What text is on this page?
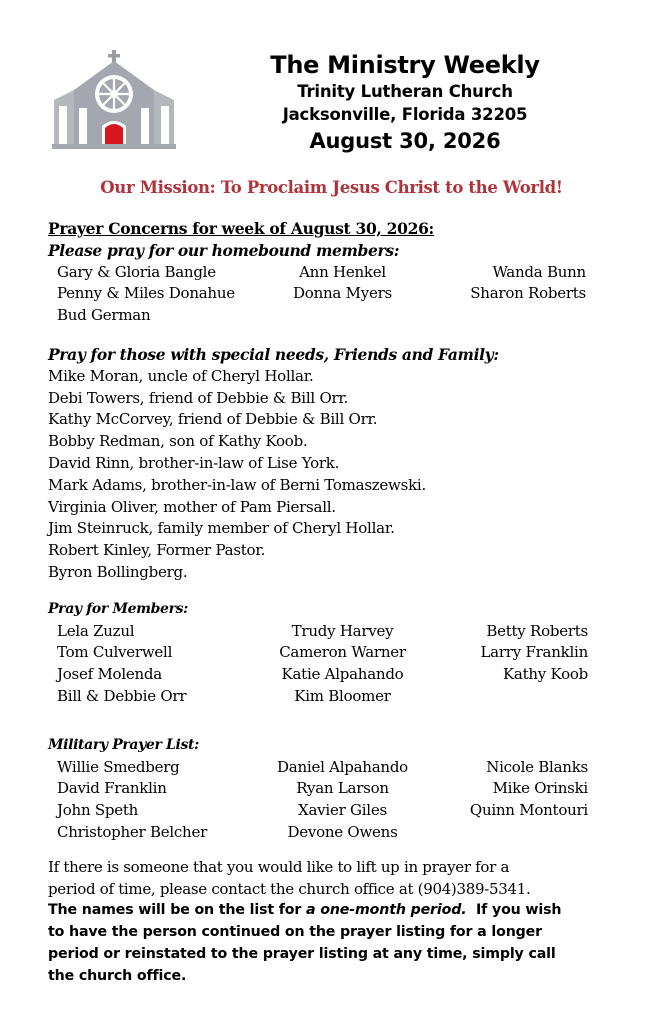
The Ministry Weekly
Trinity Lutheran Church
Jacksonville, Florida 32205
August 30, 2026
Our Mission: To Proclaim Jesus Christ to the World!
Prayer Concerns for week of August 30, 2026:
Please pray for our homebound members:
Gary & Gloria Bangle	Ann Henkel	Wanda Bunn
Penny & Miles Donahue	Donna Myers	Sharon Roberts
Bud German
Pray for those with special needs, Friends and Family:
Mike Moran, uncle of Cheryl Hollar.
Debi Towers, friend of Debbie & Bill Orr.
Kathy McCorvey, friend of Debbie & Bill Orr.
Bobby Redman, son of Kathy Koob.
David Rinn, brother-in-law of Lise York.
Mark Adams, brother-in-law of Berni Tomaszewski.
Virginia Oliver, mother of Pam Piersall.
Jim Steinruck, family member of Cheryl Hollar.
Robert Kinley, Former Pastor.
Byron Bollingberg.
Pray for Members:
Lela Zuzul	Trudy Harvey	Betty Roberts
Tom Culverwell	Cameron Warner	Larry Franklin
Josef Molenda	Katie Alpahando	Kathy Koob
Bill & Debbie Orr	Kim Bloomer
Military Prayer List:
Willie Smedberg	Daniel Alpahando	Nicole Blanks
David Franklin	Ryan Larson	Mike Orinski
John Speth	Xavier Giles	Quinn Montouri
Christopher Belcher	Devone Owens
If there is someone that you would like to lift up in prayer for a
period of time, please contact the church office at (904)389-5341.
The names will be on the list for a one-month period.  If you wish
to have the person continued on the prayer listing for a longer
period or reinstated to the prayer listing at any time, simply call
the church office.
